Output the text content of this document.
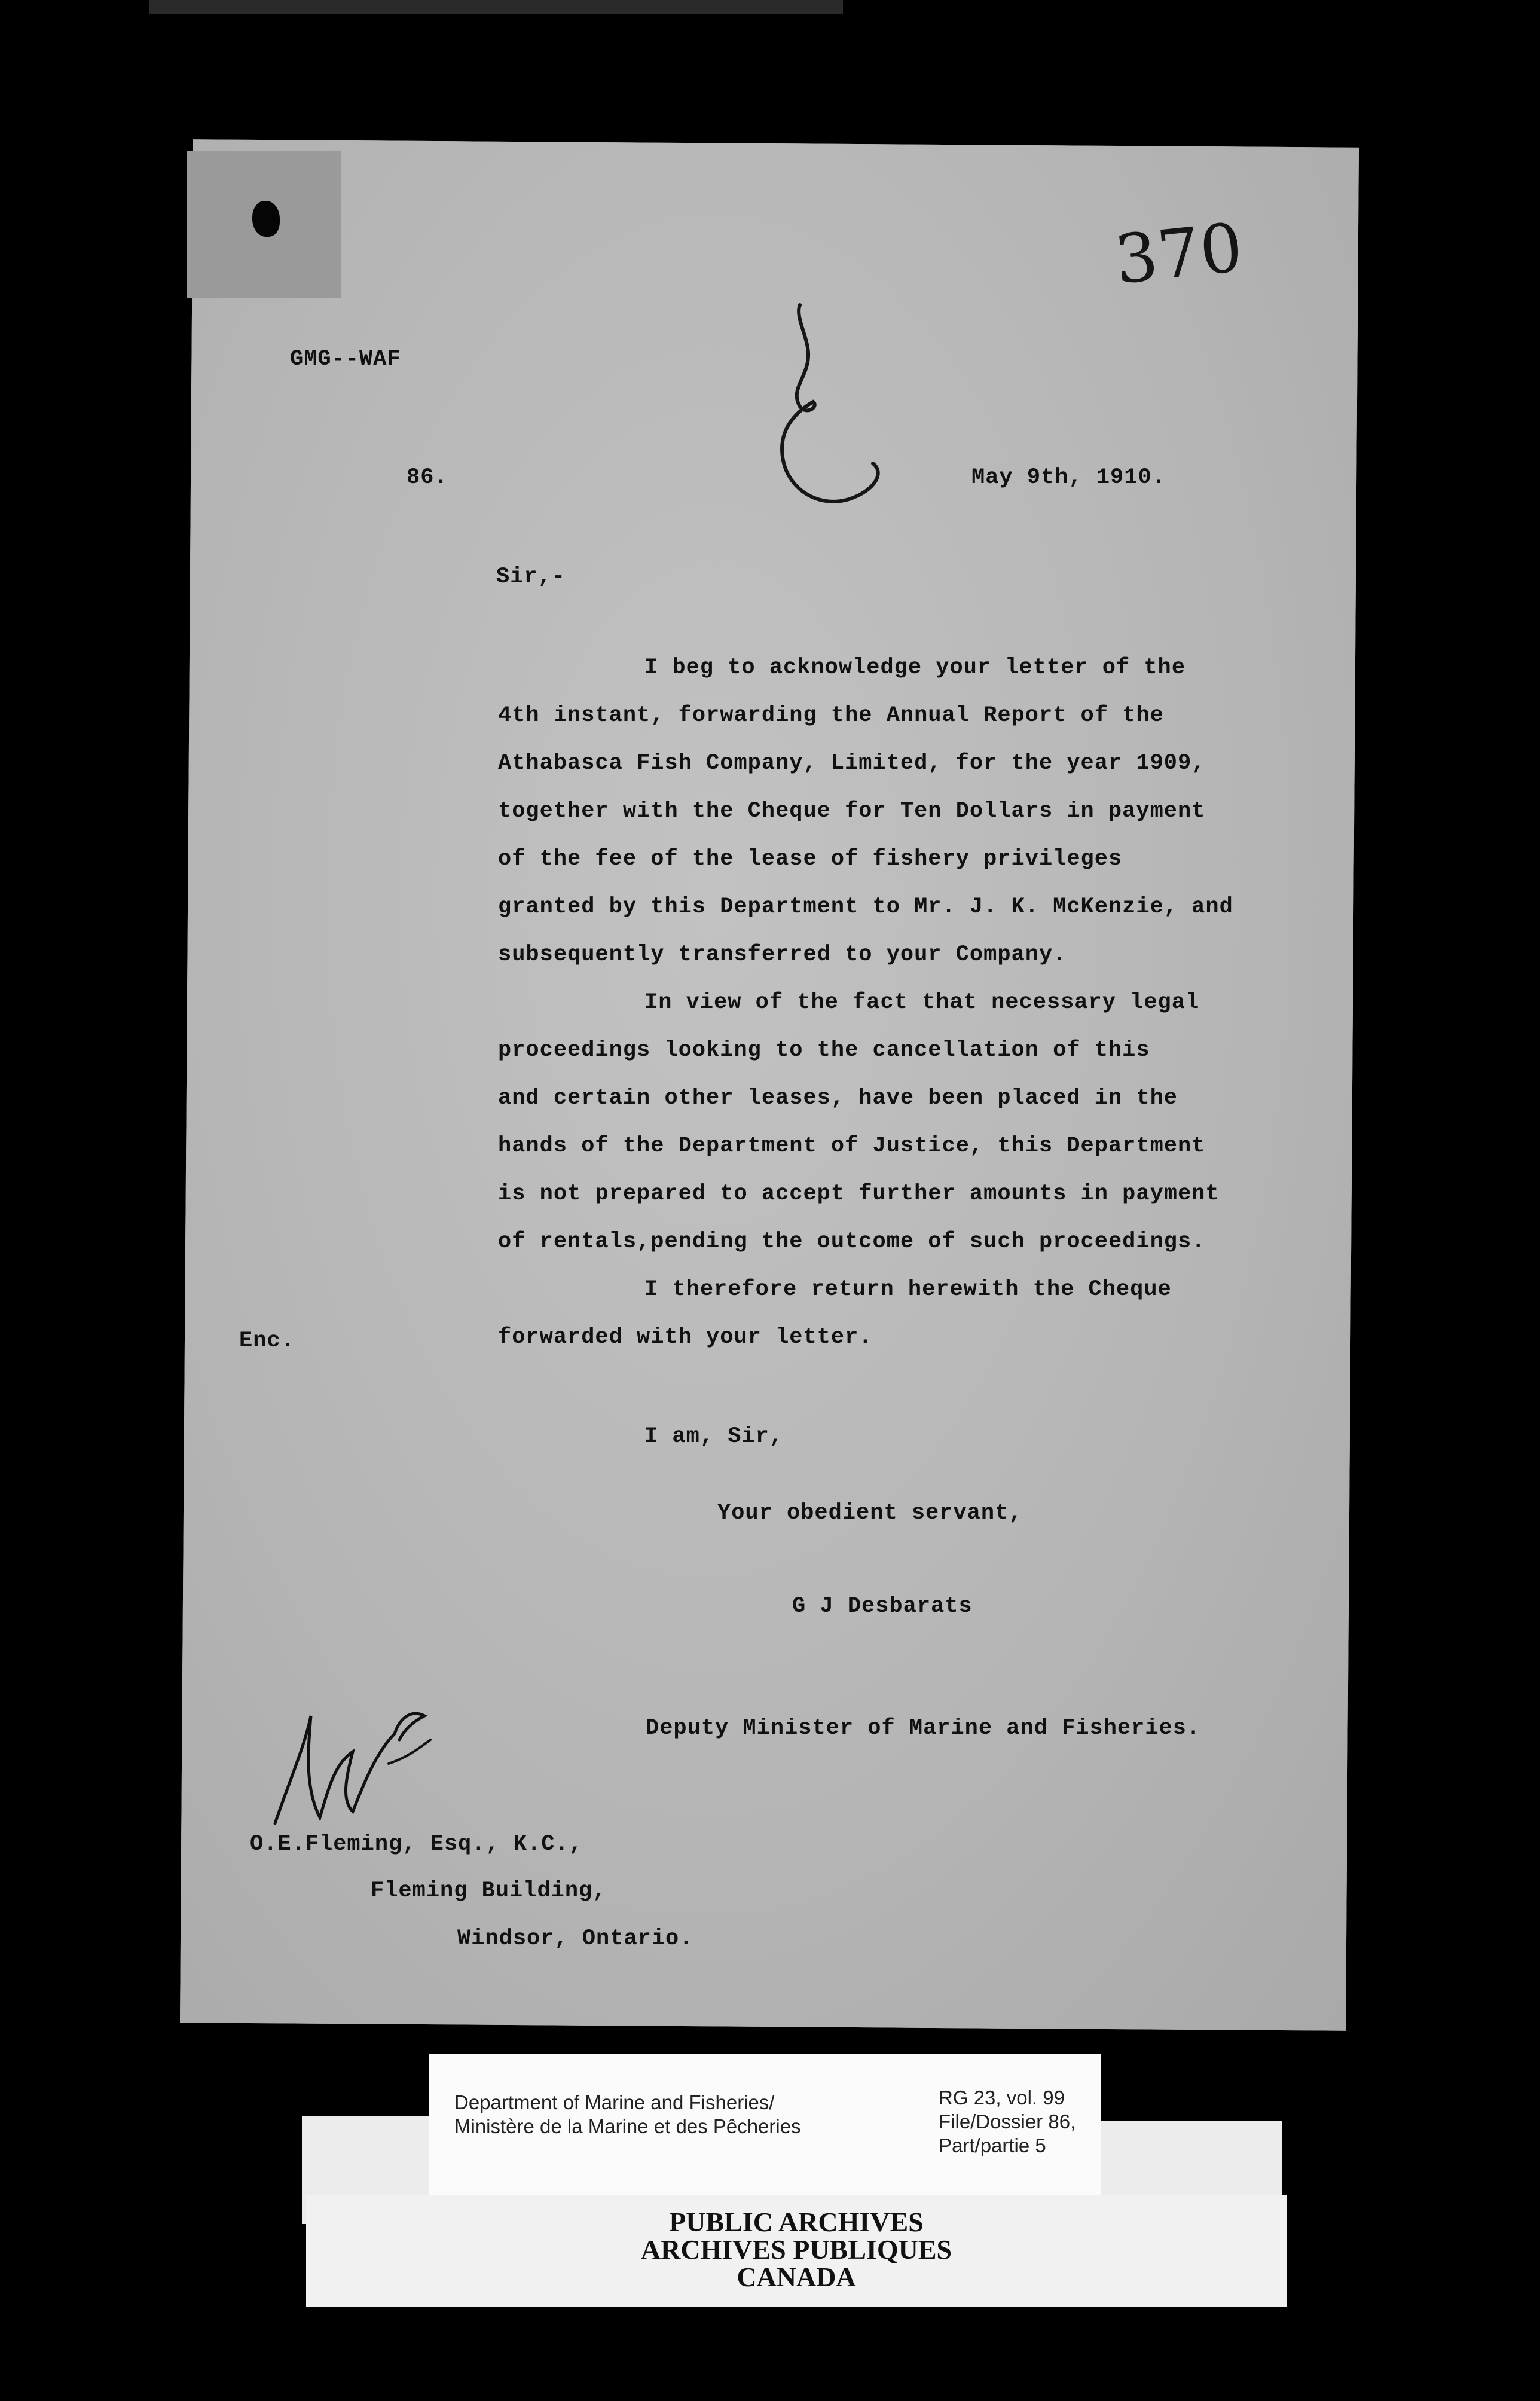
370

GMG--WAF

86.	May 9th, 1910.

Sir,-

I beg to acknowledge your letter of the

4th instant, forwarding the Annual Report of the

Athabasca Fish Company, Limited, for the year 1909,

together with the Cheque for Ten Dollars in payment

of the fee of the lease of fishery privileges

granted by this Department to Mr. J. K. McKenzie, and

subsequently transferred to your Company.

In view of the fact that necessary legal

proceedings looking to the cancellation of this

and certain other leases, have been placed in the

hands of the Department of Justice, this Department

is not prepared to accept further amounts in payment

of rentals,pending the outcome of such proceedings.

I therefore return herewith the Cheque

forwarded with your letter.

Enc.

I am, Sir,

Your obedient servant,

G J Desbarats

Deputy Minister of Marine and Fisheries.

O.E.Fleming, Esq., K.C.,

Fleming Building,

Windsor, Ontario.

Department of Marine and Fisheries/
Ministère de la Marine et des Pêcheries
RG 23, vol. 99
File/Dossier 86,
Part/partie 5
PUBLIC ARCHIVES
ARCHIVES PUBLIQUES
CANADA
